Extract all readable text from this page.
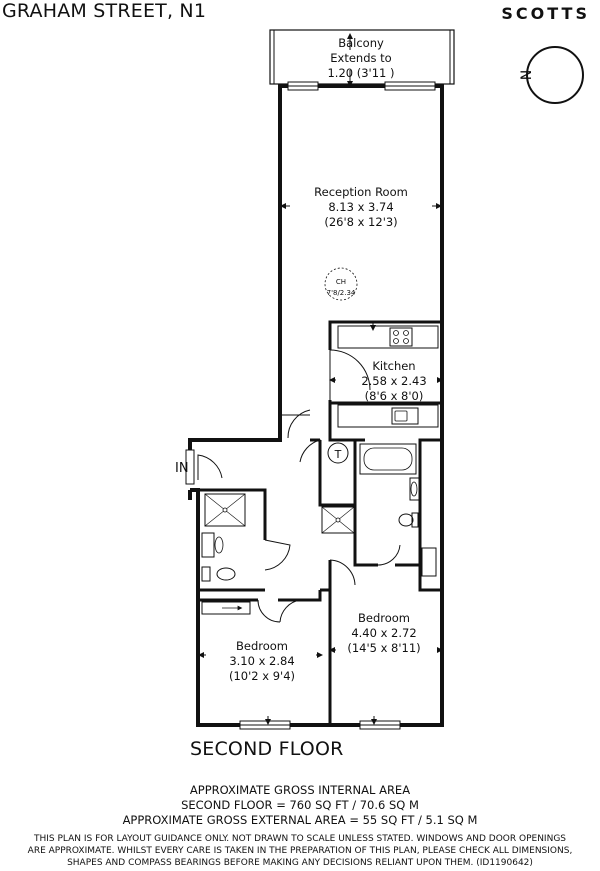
GRAHAM STREET, N1	SCOTTS
N
IN
T
CH
7'8/2.34
Balcony
Extends to
1.20 (3'11 )
Reception Room
8.13 x 3.74
(26'8 x 12'3)
Kitchen
2.58 x 2.43
(8'6 x 8'0)
Bedroom
4.40 x 2.72
(14'5 x 8'11)
Bedroom
3.10 x 2.84
(10'2 x 9'4)
SECOND FLOOR
APPROXIMATE GROSS INTERNAL AREA
SECOND FLOOR = 760 SQ FT / 70.6 SQ M
APPROXIMATE GROSS EXTERNAL AREA = 55 SQ FT / 5.1 SQ M
THIS PLAN IS FOR LAYOUT GUIDANCE ONLY. NOT DRAWN TO SCALE UNLESS STATED. WINDOWS AND DOOR OPENINGS
ARE APPROXIMATE. WHILST EVERY CARE IS TAKEN IN THE PREPARATION OF THIS PLAN, PLEASE CHECK ALL DIMENSIONS,
SHAPES AND COMPASS BEARINGS BEFORE MAKING ANY DECISIONS RELIANT UPON THEM. (ID1190642)
